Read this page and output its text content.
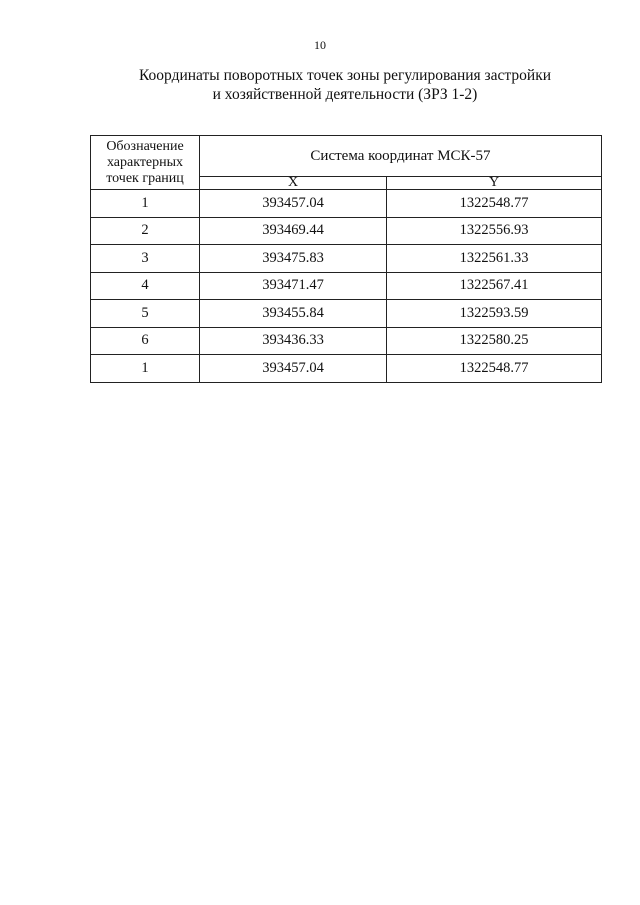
10
Координаты поворотных точек зоны регулирования застройки
и хозяйственной деятельности (ЗРЗ 1-2)
Обозначение характерных точек границ	Система координат МСК-57	
	X	Y
1	393457.04	1322548.77
2	393469.44	1322556.93
3	393475.83	1322561.33
4	393471.47	1322567.41
5	393455.84	1322593.59
6	393436.33	1322580.25
1	393457.04	1322548.77
